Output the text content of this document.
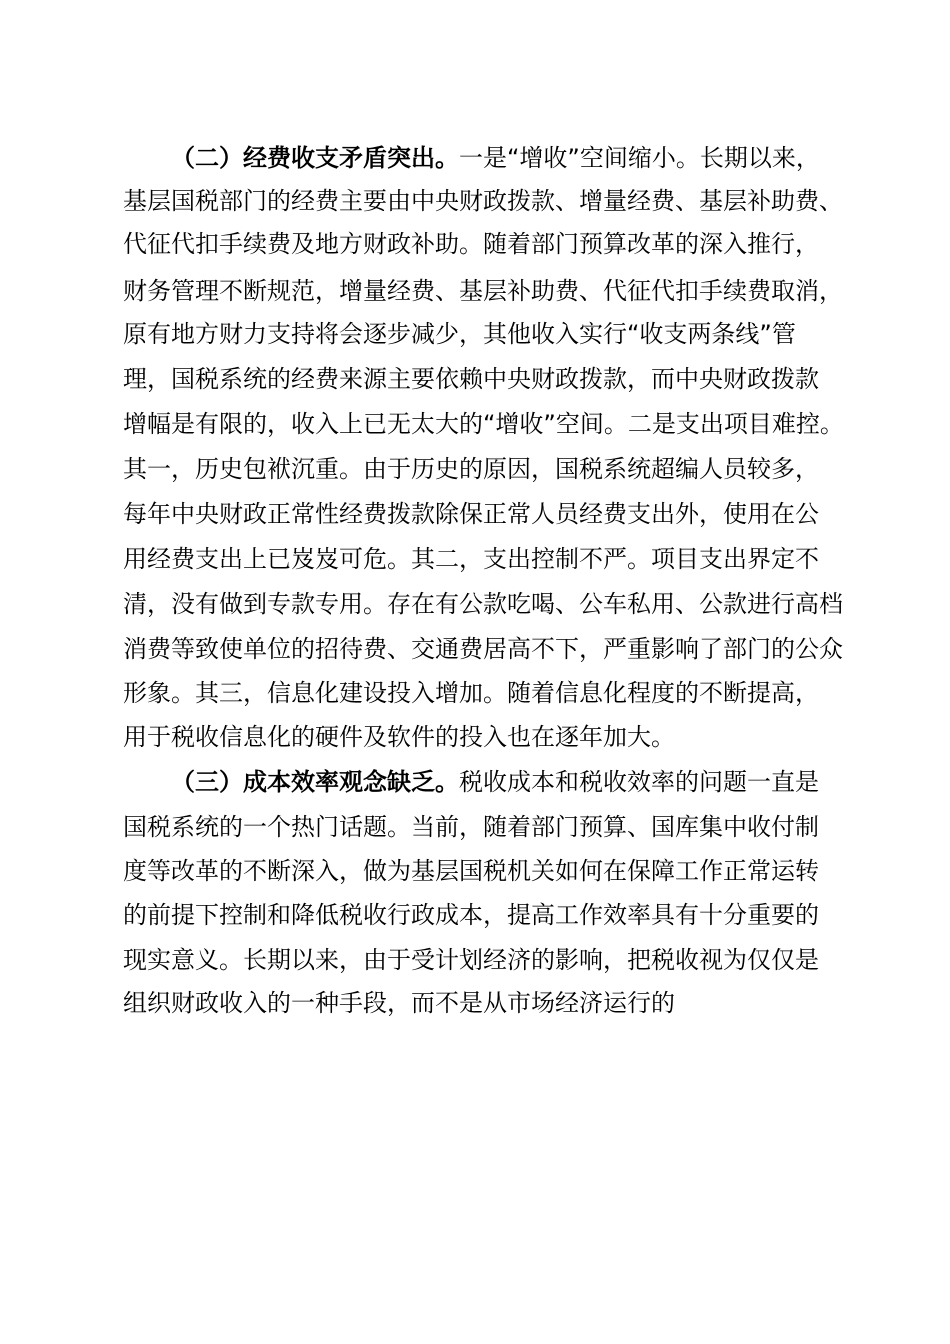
（二）经费收支矛盾突出。一是“增收”空间缩小。长期以来，
基层国税部门的经费主要由中央财政拨款、增量经费、基层补助费、
代征代扣手续费及地方财政补助。随着部门预算改革的深入推行，
财务管理不断规范，增量经费、基层补助费、代征代扣手续费取消，
原有地方财力支持将会逐步减少，其他收入实行“收支两条线”管
理，国税系统的经费来源主要依赖中央财政拨款，而中央财政拨款
增幅是有限的，收入上已无太大的“增收”空间。二是支出项目难控。
其一，历史包袱沉重。由于历史的原因，国税系统超编人员较多，
每年中央财政正常性经费拨款除保正常人员经费支出外，使用在公
用经费支出上已岌岌可危。其二，支出控制不严。项目支出界定不
清，没有做到专款专用。存在有公款吃喝、公车私用、公款进行高档
消费等致使单位的招待费、交通费居高不下，严重影响了部门的公众
形象。其三，信息化建设投入增加。随着信息化程度的不断提高，
用于税收信息化的硬件及软件的投入也在逐年加大。
（三）成本效率观念缺乏。税收成本和税收效率的问题一直是
国税系统的一个热门话题。当前，随着部门预算、国库集中收付制
度等改革的不断深入，做为基层国税机关如何在保障工作正常运转
的前提下控制和降低税收行政成本，提高工作效率具有十分重要的
现实意义。长期以来，由于受计划经济的影响，把税收视为仅仅是
组织财政收入的一种手段，而不是从市场经济运行的
